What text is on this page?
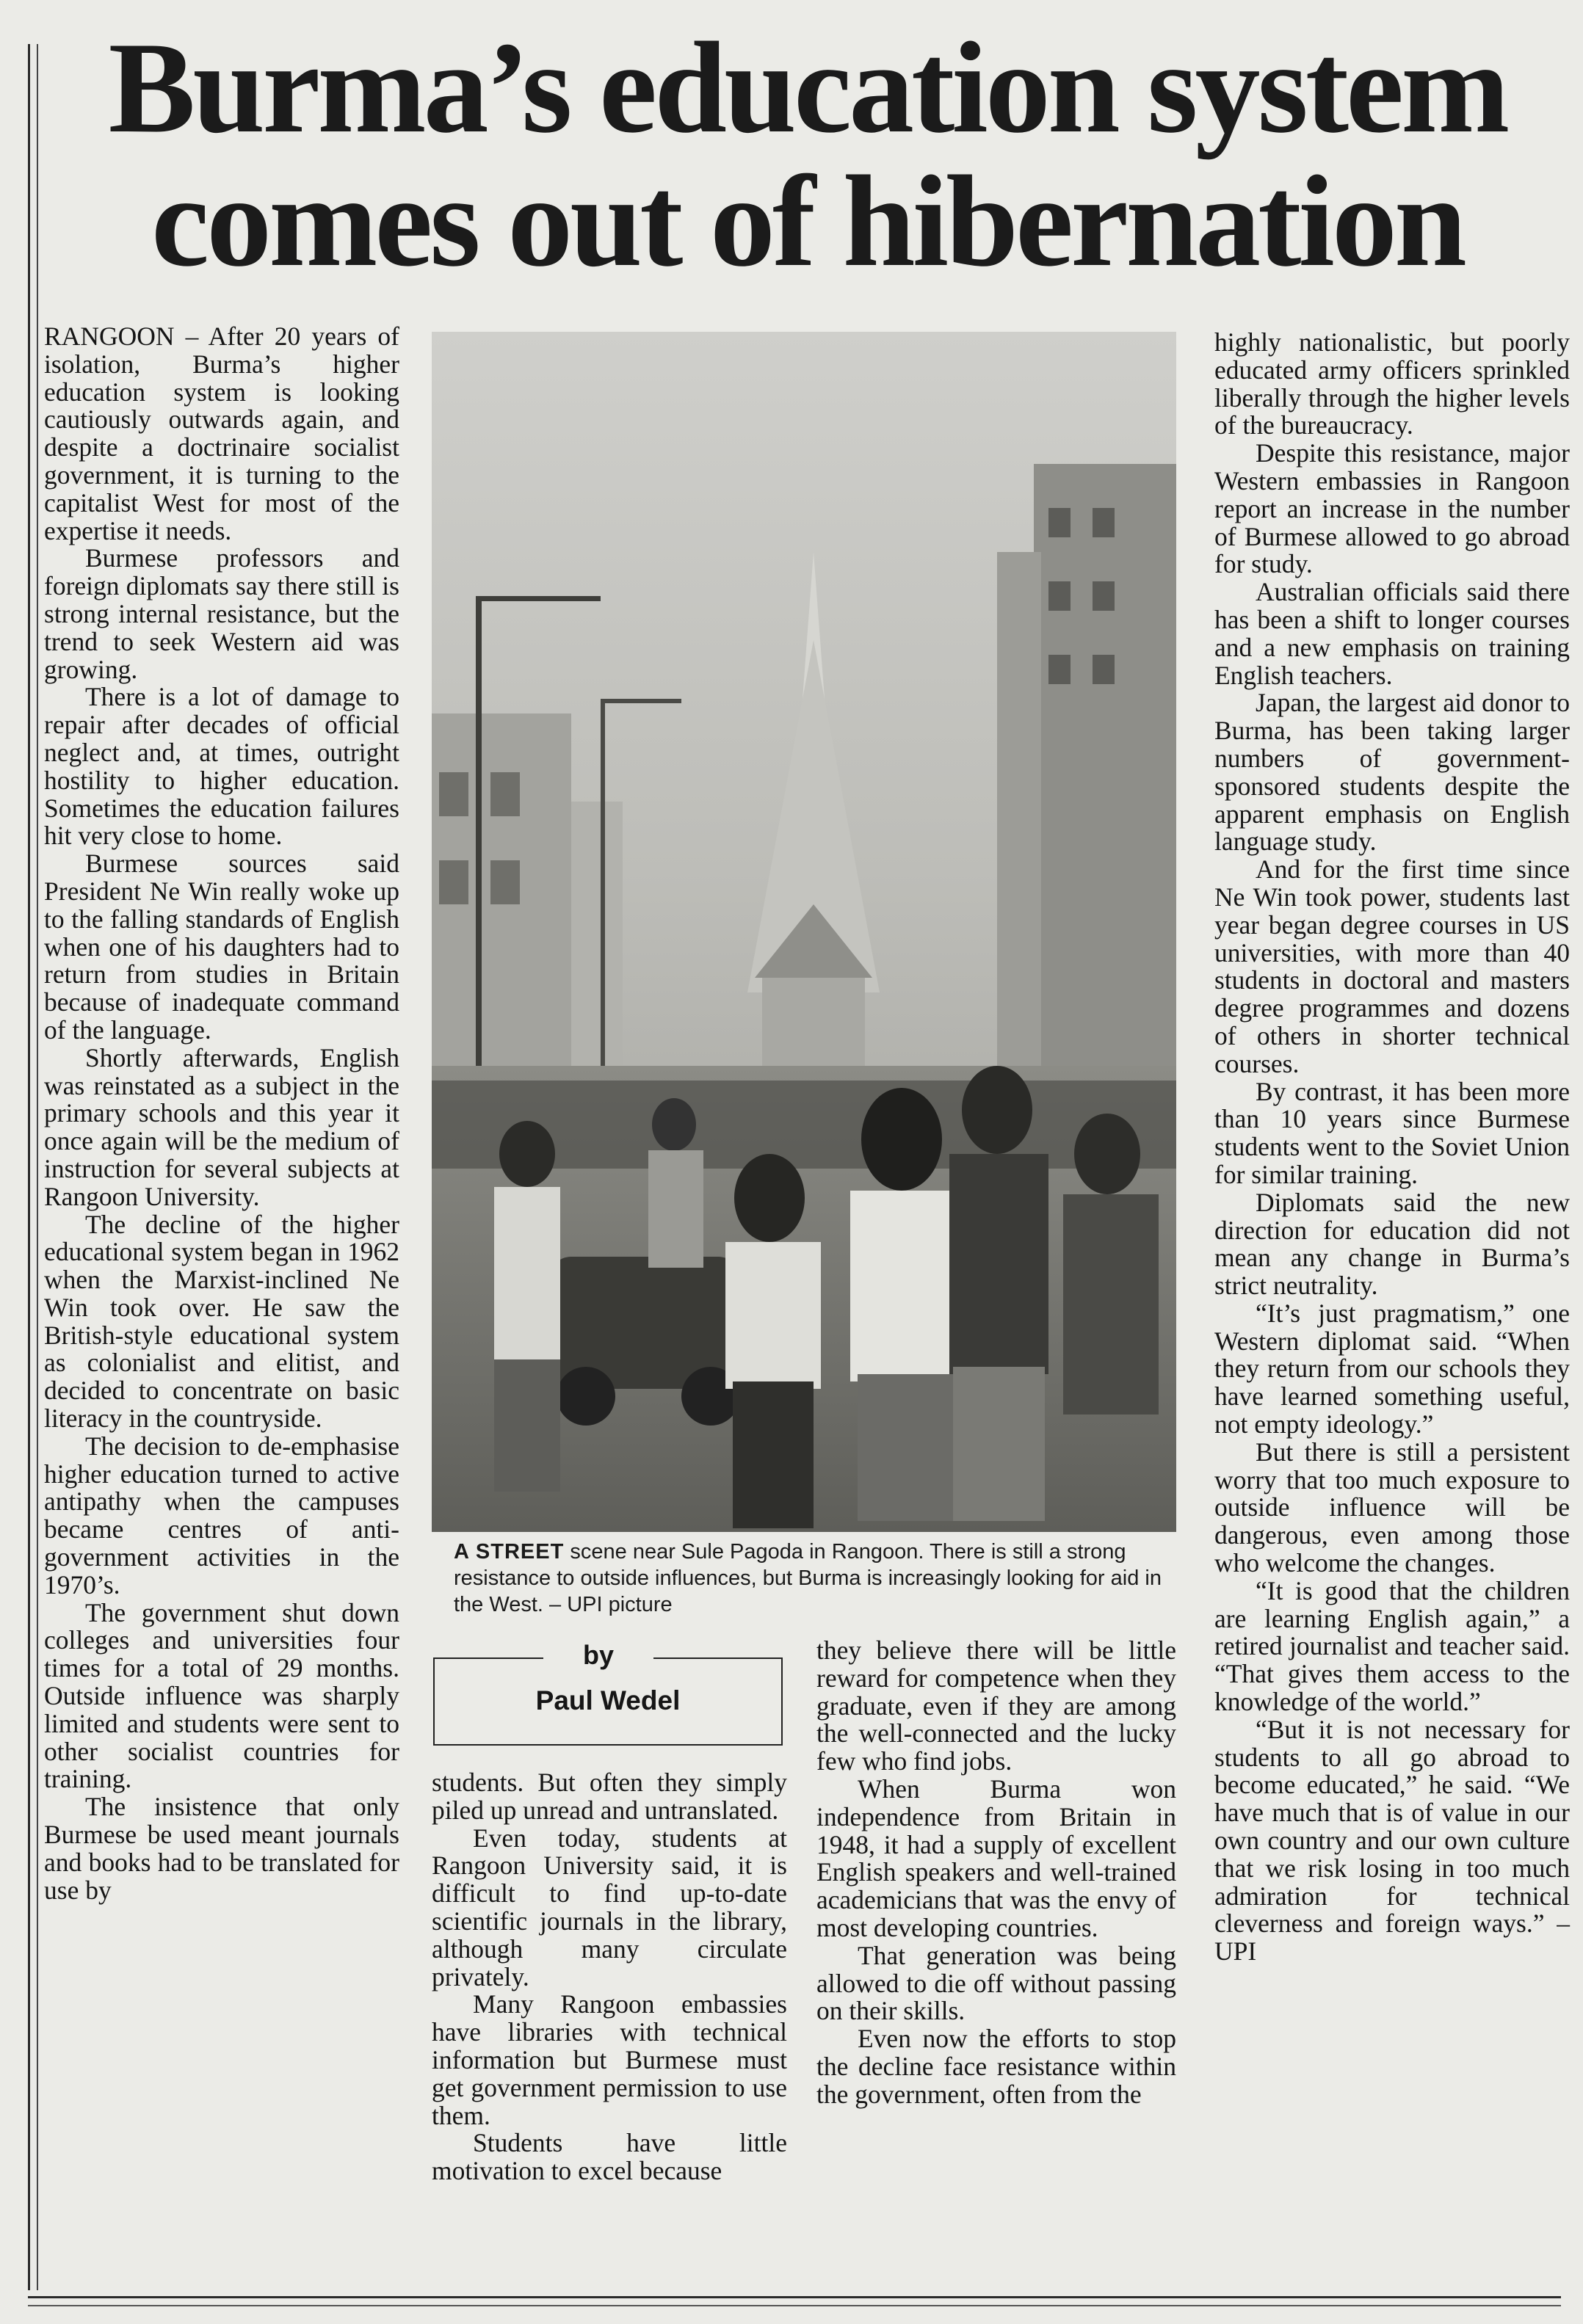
Burma’s education system
comes out of hibernation

RANGOON – After 20 years of isolation, Burma’s higher education system is looking cautiously outwards again, and despite a doctrinaire socialist government, it is turning to the capitalist West for most of the expertise it needs.

Burmese professors and foreign diplomats say there still is strong internal resistance, but the trend to seek Western aid was growing.

There is a lot of damage to repair after decades of official neglect and, at times, outright hostility to higher education. Sometimes the education failures hit very close to home.

Burmese sources said President Ne Win really woke up to the falling standards of English when one of his daughters had to return from studies in Britain because of inadequate command of the language.

Shortly afterwards, English was reinstated as a subject in the primary schools and this year it once again will be the medium of instruction for several subjects at Rangoon University.

The decline of the higher educational system began in 1962 when the Marxist-inclined Ne Win took over. He saw the British-style educational system as colonialist and elitist, and decided to concentrate on basic literacy in the countryside.

The decision to de-emphasise higher education turned to active antipathy when the campuses became centres of anti-government activities in the 1970’s.

The government shut down colleges and universities four times for a total of 29 months. Outside influence was sharply limited and students were sent to other socialist countries for training.

The insistence that only Burmese be used meant journals and books had to be translated for use by

A STREET scene near Sule Pagoda in Rangoon. There is still a strong resistance to outside influences, but Burma is increasingly looking for aid in the West. – UPI picture
by
Paul Wedel

students. But often they simply piled up unread and untranslated.

Even today, students at Rangoon University said, it is difficult to find up-to-date scientific journals in the library, although many circulate privately.

Many Rangoon embassies have libraries with technical information but Burmese must get government permission to use them.

Students have little motivation to excel because

they believe there will be little reward for competence when they graduate, even if they are among the well-connected and the lucky few who find jobs.

When Burma won independence from Britain in 1948, it had a supply of excellent English speakers and well-trained academicians that was the envy of most developing countries.

That generation was being allowed to die off without passing on their skills.

Even now the efforts to stop the decline face resistance within the government, often from the

highly nationalistic, but poorly educated army officers sprinkled liberally through the higher levels of the bureaucracy.

Despite this resistance, major Western embassies in Rangoon report an increase in the number of Burmese allowed to go abroad for study.

Australian officials said there has been a shift to longer courses and a new emphasis on training English teachers.

Japan, the largest aid donor to Burma, has been taking larger numbers of government-sponsored students despite the apparent emphasis on English language study.

And for the first time since Ne Win took power, students last year began degree courses in US universities, with more than 40 students in doctoral and masters degree programmes and dozens of others in shorter technical courses.

By contrast, it has been more than 10 years since Burmese students went to the Soviet Union for similar training.

Diplomats said the new direction for education did not mean any change in Burma’s strict neutrality.

“It’s just pragmatism,” one Western diplomat said. “When they return from our schools they have learned something useful, not empty ideology.”

But there is still a persistent worry that too much exposure to outside influence will be dangerous, even among those who welcome the changes.

“It is good that the children are learning English again,” a retired journalist and teacher said. “That gives them access to the knowledge of the world.”

“But it is not necessary for students to all go abroad to become educated,” he said. “We have much that is of value in our own country and our own culture that we risk losing in too much admiration for technical cleverness and foreign ways.” – UPI
